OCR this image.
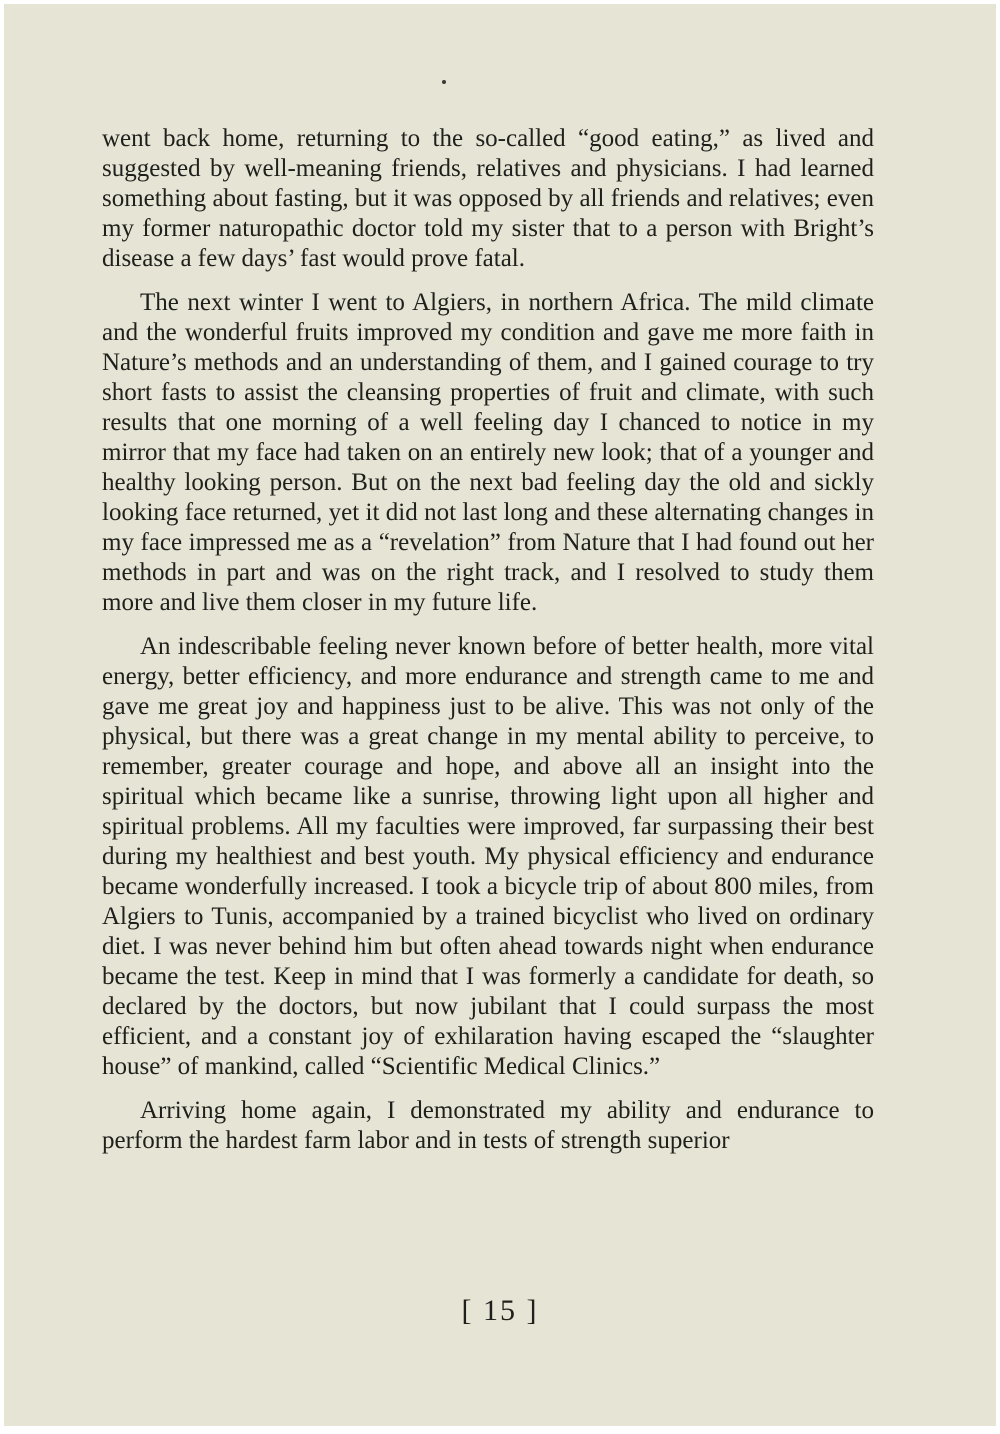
went back home, returning to the so-called “good eating,” as lived and suggested by well-meaning friends, relatives and physicians. I had learned something about fasting, but it was opposed by all friends and relatives; even my former naturopathic doctor told my sister that to a person with Bright’s disease a few days’ fast would prove fatal.

The next winter I went to Algiers, in northern Africa. The mild climate and the wonderful fruits improved my condition and gave me more faith in Nature’s methods and an understanding of them, and I gained courage to try short fasts to assist the cleansing properties of fruit and climate, with such results that one morning of a well feeling day I chanced to notice in my mirror that my face had taken on an entirely new look; that of a younger and healthy looking person. But on the next bad feeling day the old and sickly looking face returned, yet it did not last long and these alternating changes in my face impressed me as a “revelation” from Nature that I had found out her methods in part and was on the right track, and I resolved to study them more and live them closer in my future life.

An indescribable feeling never known before of better health, more vital energy, better efficiency, and more endurance and strength came to me and gave me great joy and happiness just to be alive. This was not only of the physical, but there was a great change in my mental ability to perceive, to remember, greater courage and hope, and above all an insight into the spiritual which became like a sunrise, throwing light upon all higher and spiritual problems. All my faculties were improved, far surpassing their best during my healthiest and best youth. My physical efficiency and endurance became wonderfully increased. I took a bicycle trip of about 800 miles, from Algiers to Tunis, accompanied by a trained bicyclist who lived on ordinary diet. I was never behind him but often ahead towards night when endurance became the test. Keep in mind that I was formerly a candidate for death, so declared by the doctors, but now jubilant that I could surpass the most efficient, and a constant joy of exhilaration having escaped the “slaughter house” of mankind, called “Scientific Medical Clinics.”

Arriving home again, I demonstrated my ability and endurance to perform the hardest farm labor and in tests of strength superior

[ 15 ]
